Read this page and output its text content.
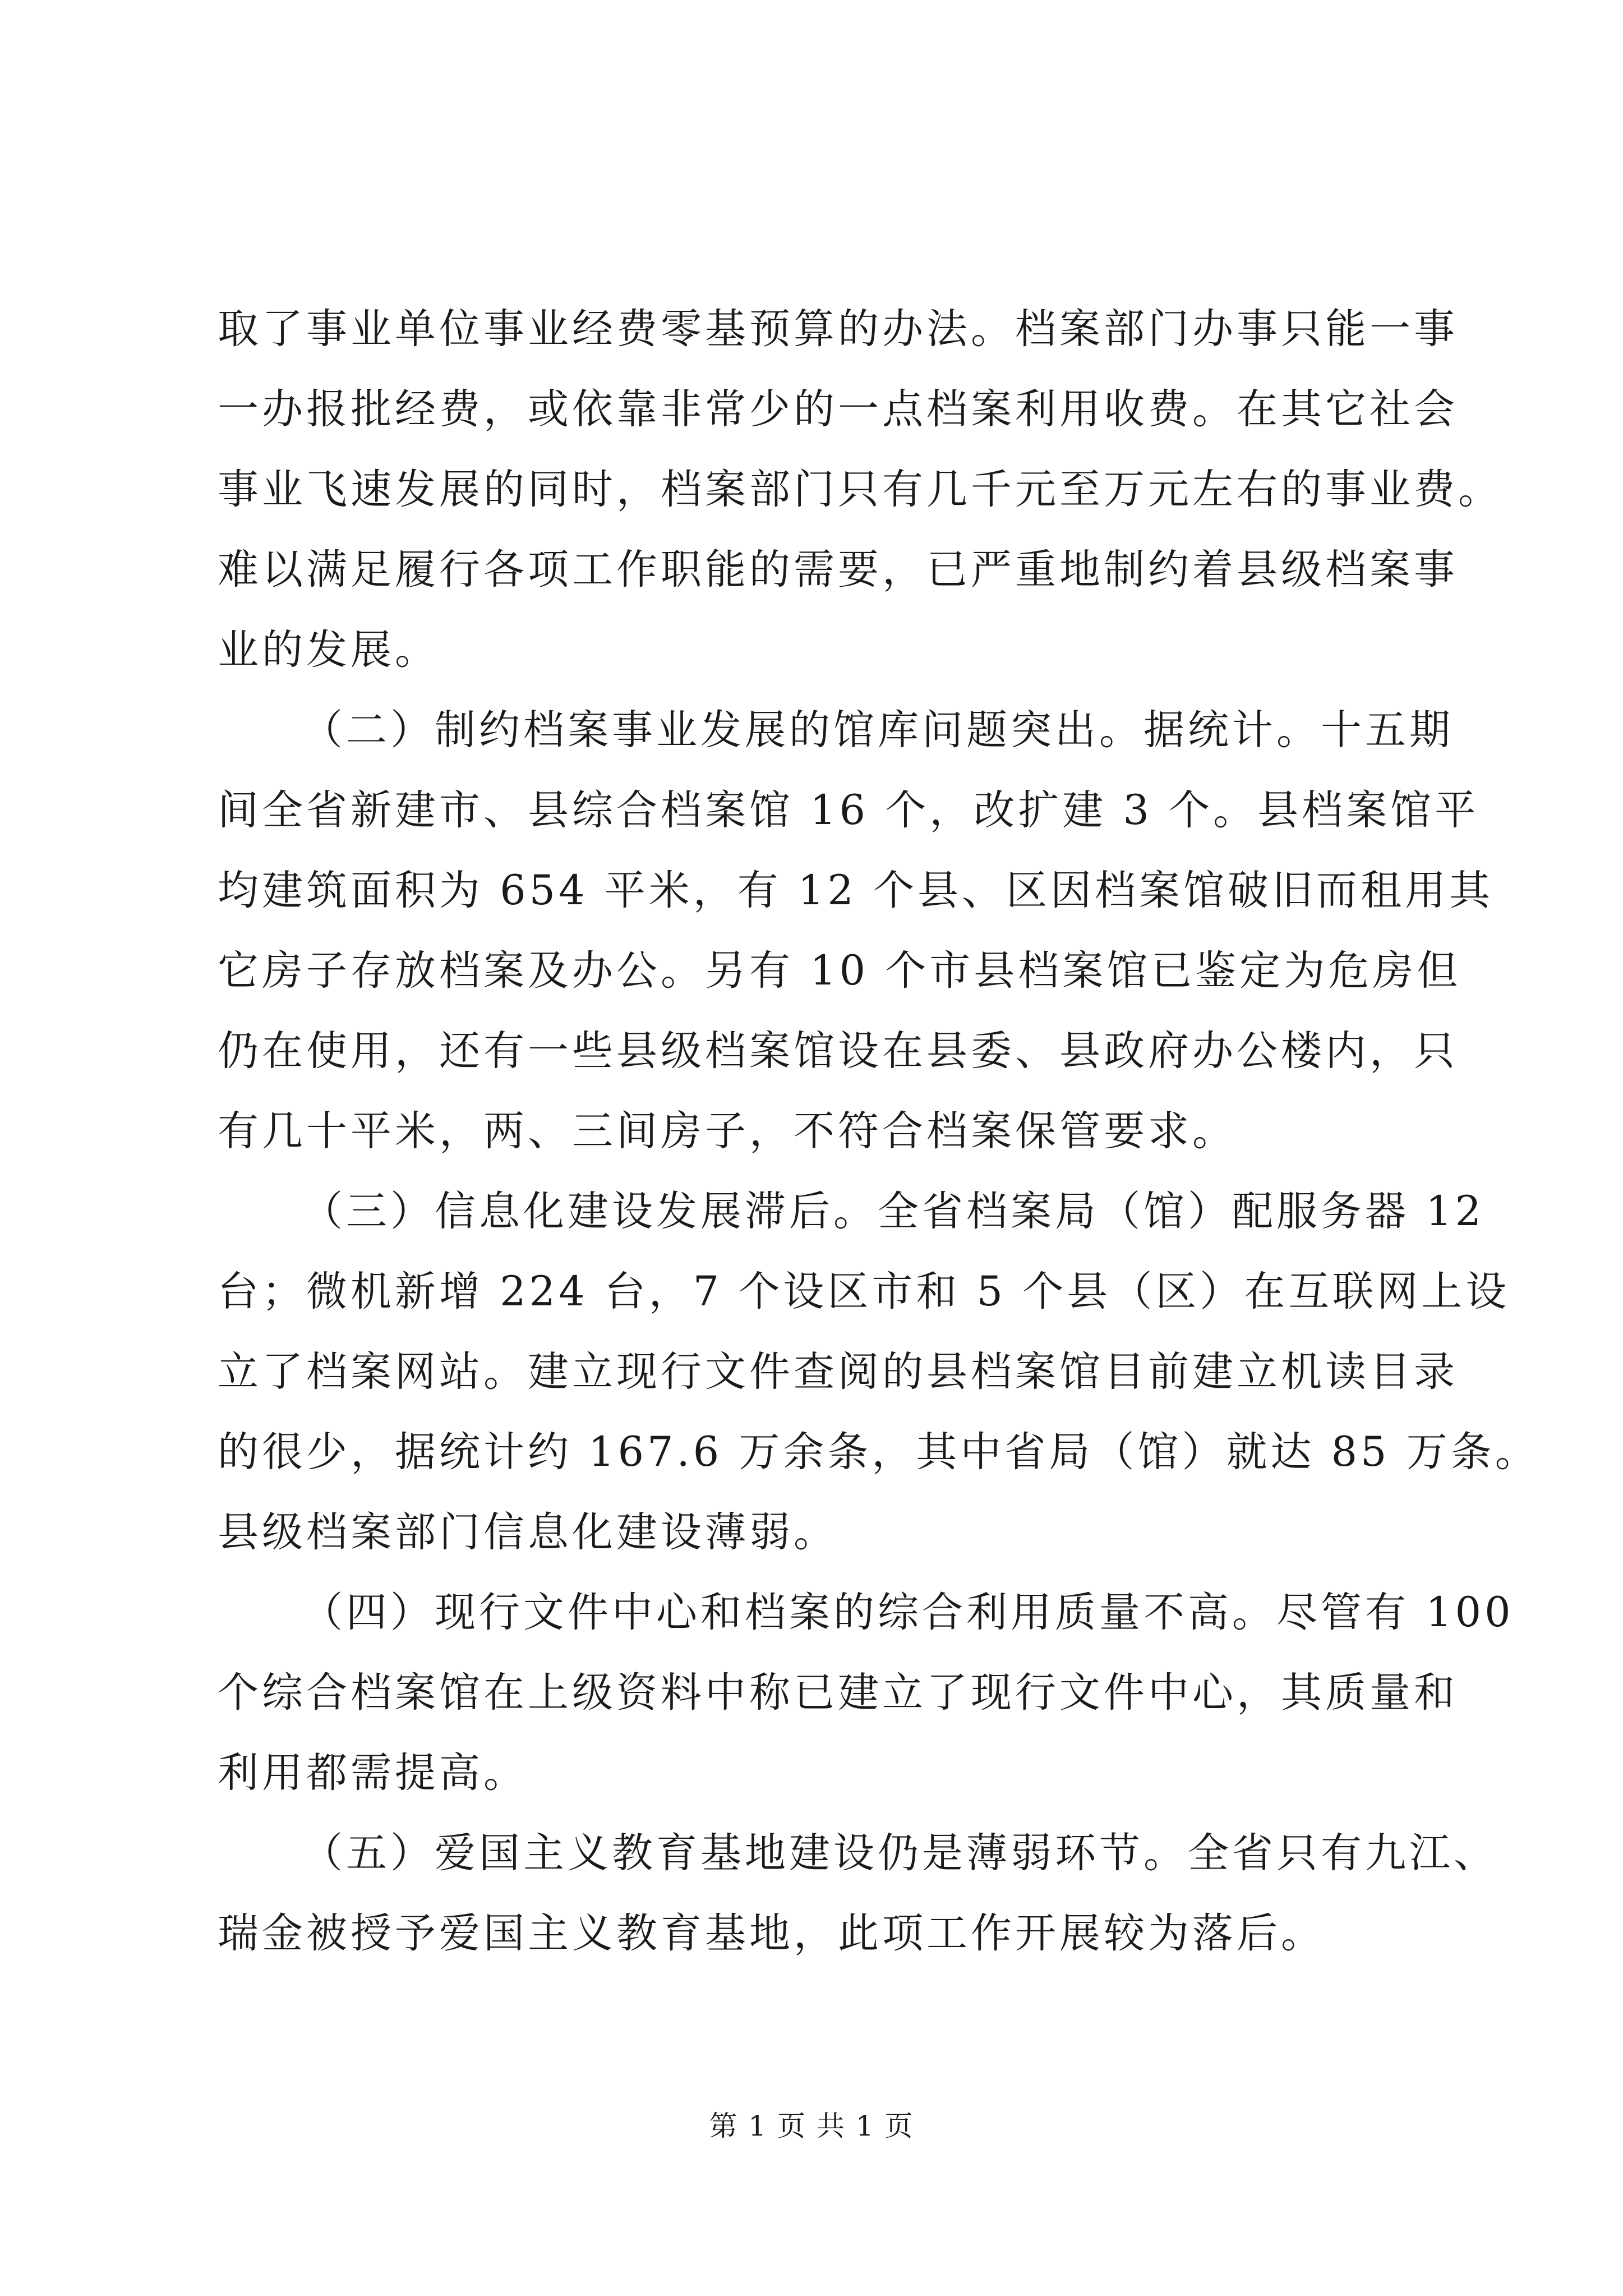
取了事业单位事业经费零基预算的办法。档案部门办事只能一事
一办报批经费，或依靠非常少的一点档案利用收费。在其它社会
事业飞速发展的同时，档案部门只有几千元至万元左右的事业费。
难以满足履行各项工作职能的需要，已严重地制约着县级档案事
业的发展。
（二）制约档案事业发展的馆库问题突出。据统计。十五期
间全省新建市、县综合档案馆 16 个，改扩建 3 个。县档案馆平
均建筑面积为 654 平米，有 12 个县、区因档案馆破旧而租用其
它房子存放档案及办公。另有 10 个市县档案馆已鉴定为危房但
仍在使用，还有一些县级档案馆设在县委、县政府办公楼内，只
有几十平米，两、三间房子，不符合档案保管要求。
（三）信息化建设发展滞后。全省档案局（馆）配服务器 12
台；微机新增 224 台，7 个设区市和 5 个县（区）在互联网上设
立了档案网站。建立现行文件查阅的县档案馆目前建立机读目录
的很少，据统计约 167.6 万余条，其中省局（馆）就达 85 万条。
县级档案部门信息化建设薄弱。
（四）现行文件中心和档案的综合利用质量不高。尽管有 100
个综合档案馆在上级资料中称已建立了现行文件中心，其质量和
利用都需提高。
（五）爱国主义教育基地建设仍是薄弱环节。全省只有九江、
瑞金被授予爱国主义教育基地，此项工作开展较为落后。
第 1 页 共 1 页
